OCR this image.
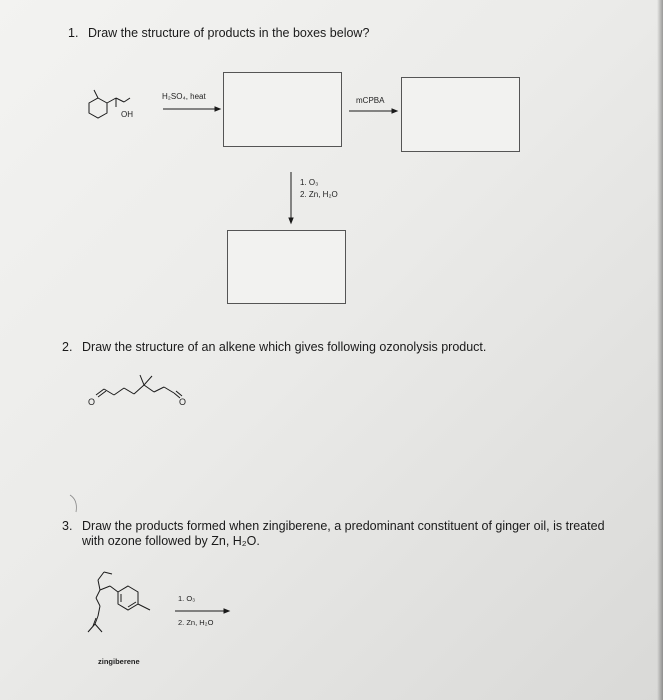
1. Draw the structure of products in the boxes below?
H₂SO₄, heat	mCPBA
1. O₃
2. Zn, H₂O
OH
2. Draw the structure of an alkene which gives following ozonolysis product.
O	O
3. Draw the products formed when zingiberene, a predominant constituent of ginger oil, is treated
with ozone followed by Zn, H₂O.
1. O₃
2. Zn, H₂O
zingiberene
